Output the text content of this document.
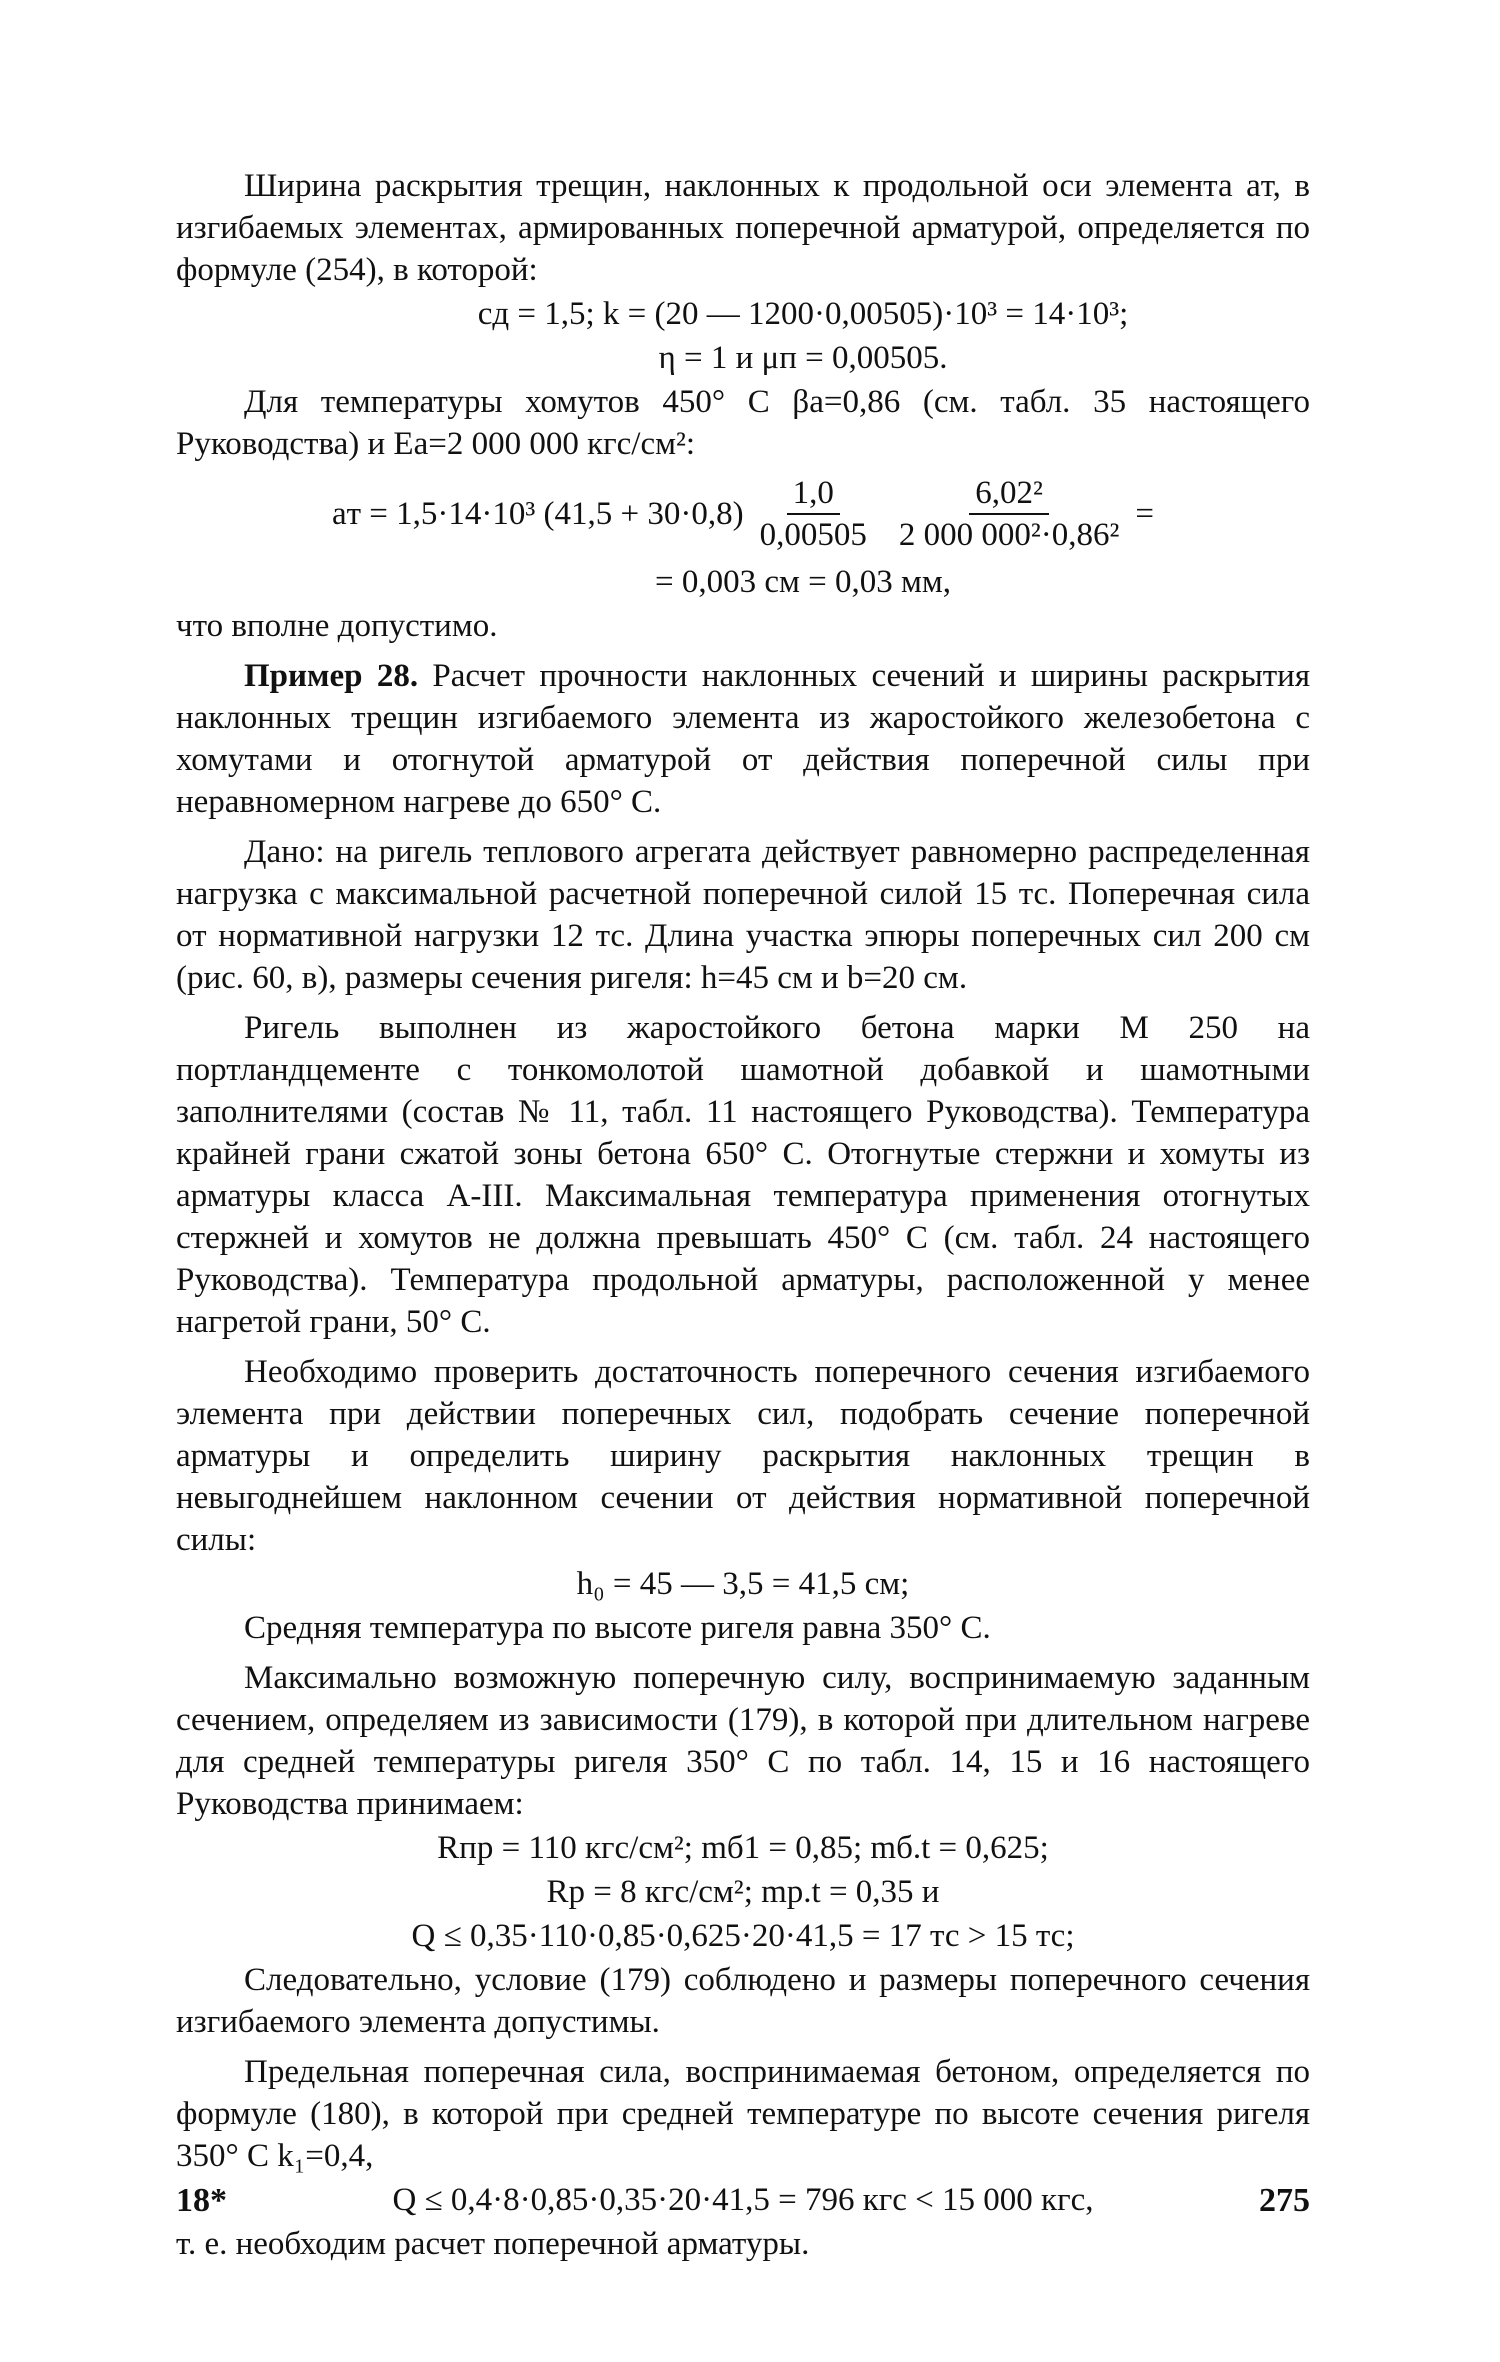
Ширина раскрытия трещин, наклонных к продольной оси элемента aт, в изгибаемых элементах, армированных поперечной арматурой, определяется по формуле (254), в которой:

cд = 1,5; k = (20 — 1200·0,00505)·10³ = 14·10³;
η = 1 и μп = 0,00505.

Для температуры хомутов 450° С βa=0,86 (см. табл. 35 настоящего Руководства) и Ea=2 000 000 кгс/см²:

aт = 1,5·14·10³ $(41,5 + 30\cdot 0,8) \frac{1,0}{0,00505} \frac{\text{6,02²}}{\text{2 000 000²·0,86²}}$ =
= 0,003 см = 0,03 мм,

что вполне допустимо.

Пример 28. Расчет прочности наклонных сечений и ширины раскрытия наклонных трещин изгибаемого элемента из жаростойкого железобетона с хомутами и отогнутой арматурой от действия поперечной силы при неравномерном нагреве до 650° С.

Дано: на ригель теплового агрегата действует равномерно распределенная нагрузка с максимальной расчетной поперечной силой 15 тс. Поперечная сила от нормативной нагрузки 12 тс. Длина участка эпюры поперечных сил 200 см (рис. 60, в), размеры сечения ригеля: h=45 см и b=20 см.

Ригель выполнен из жаростойкого бетона марки М 250 на портландцементе с тонкомолотой шамотной добавкой и шамотными заполнителями (состав № 11, табл. 11 настоящего Руководства). Температура крайней грани сжатой зоны бетона 650° С. Отогнутые стержни и хомуты из арматуры класса А-III. Максимальная температура применения отогнутых стержней и хомутов не должна превышать 450° С (см. табл. 24 настоящего Руководства). Температура продольной арматуры, расположенной у менее нагретой грани, 50° С.

Необходимо проверить достаточность поперечного сечения изгибаемого элемента при действии поперечных сил, подобрать сечение поперечной арматуры и определить ширину раскрытия наклонных трещин в невыгоднейшем наклонном сечении от действия нормативной поперечной силы:

h₀ = 45 — 3,5 = 41,5 см;

Средняя температура по высоте ригеля равна 350° С.

Максимально возможную поперечную силу, воспринимаемую заданным сечением, определяем из зависимости (179), в которой при длительном нагреве для средней температуры ригеля 350° С по табл. 14, 15 и 16 настоящего Руководства принимаем:

Rпр = 110 кгс/см²; mб1 = 0,85; mб.t = 0,625;
Rp = 8 кгс/см²; mp.t = 0,35 и
Q ≤ 0,35·110·0,85·0,625·20·41,5 = 17 тс > 15 тс;

Следовательно, условие (179) соблюдено и размеры поперечного сечения изгибаемого элемента допустимы.

Предельная поперечная сила, воспринимаемая бетоном, определяется по формуле (180), в которой при средней температуре по высоте сечения ригеля 350° С k₁=0,4,

Q ≤ 0,4·8·0,85·0,35·20·41,5 = 796 кгс < 15 000 кгс,

т. е. необходим расчет поперечной арматуры.

18*	275
